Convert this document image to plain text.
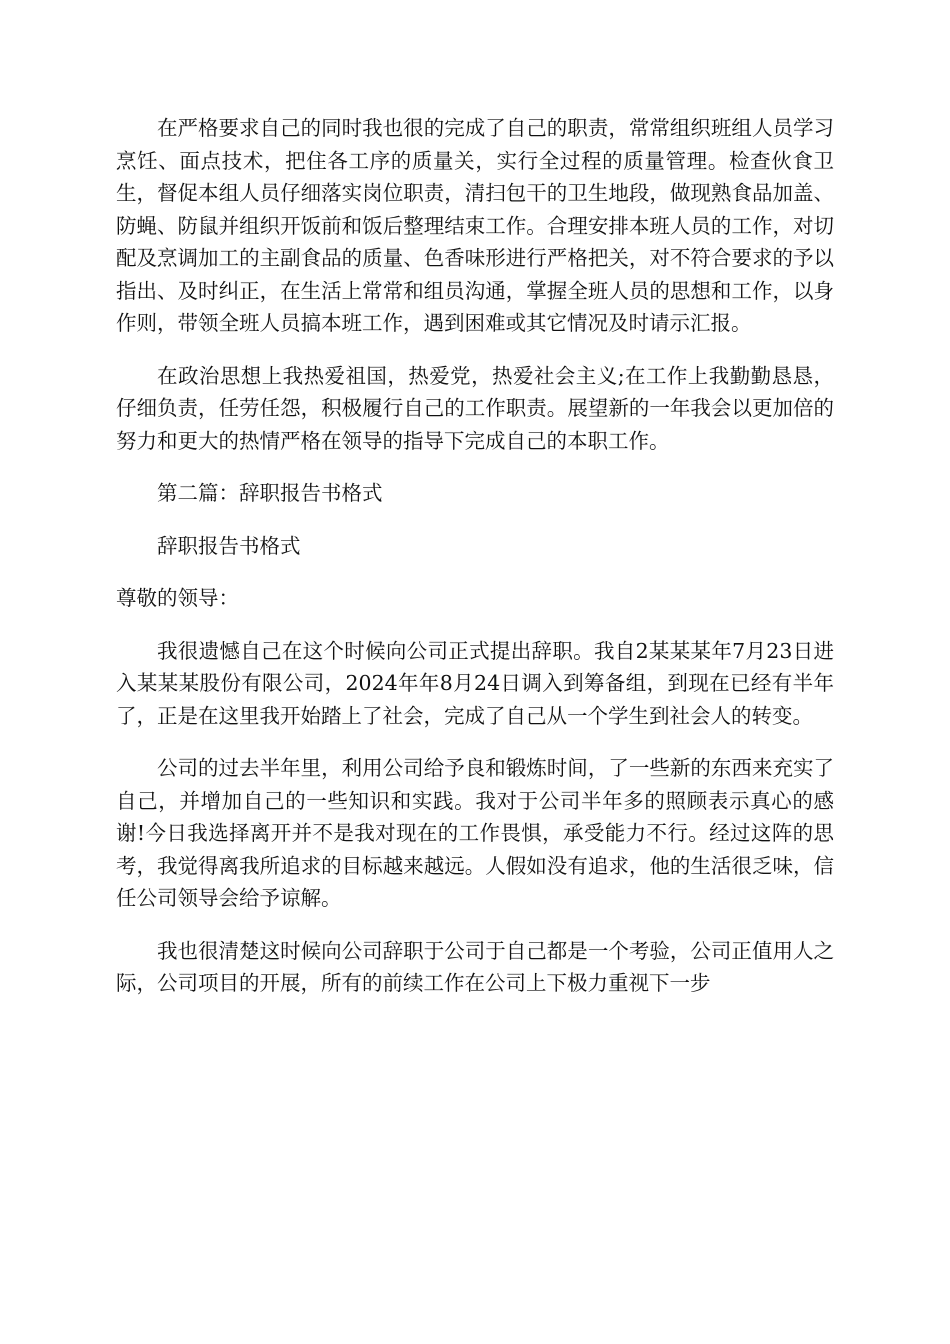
在严格要求自己的同时我也很的完成了自己的职责，常常组织班组人员学习烹饪、面点技术，把住各工序的质量关，实行全过程的质量管理。检查伙食卫生，督促本组人员仔细落实岗位职责，清扫包干的卫生地段，做现熟食品加盖、防蝇、防鼠并组织开饭前和饭后整理结束工作。合理安排本班人员的工作，对切配及烹调加工的主副食品的质量、色香味形进行严格把关，对不符合要求的予以指出、及时纠正，在生活上常常和组员沟通，掌握全班人员的思想和工作，以身作则，带领全班人员搞本班工作，遇到困难或其它情况及时请示汇报。

在政治思想上我热爱祖国，热爱党，热爱社会主义;在工作上我勤勤恳恳，仔细负责，任劳任怨，积极履行自己的工作职责。展望新的一年我会以更加倍的努力和更大的热情严格在领导的指导下完成自己的本职工作。

第二篇：辞职报告书格式

辞职报告书格式

尊敬的领导：

我很遗憾自己在这个时候向公司正式提出辞职。我自2某某某年7月23日进入某某某股份有限公司，2024年年8月24日调入到筹备组，到现在已经有半年了，正是在这里我开始踏上了社会，完成了自己从一个学生到社会人的转变。

公司的过去半年里，利用公司给予良和锻炼时间，了一些新的东西来充实了自己，并增加自己的一些知识和实践。我对于公司半年多的照顾表示真心的感谢!今日我选择离开并不是我对现在的工作畏惧，承受能力不行。经过这阵的思考，我觉得离我所追求的目标越来越远。人假如没有追求，他的生活很乏味，信任公司领导会给予谅解。

我也很清楚这时候向公司辞职于公司于自己都是一个考验，公司正值用人之际，公司项目的开展，所有的前续工作在公司上下极力重视下一步
